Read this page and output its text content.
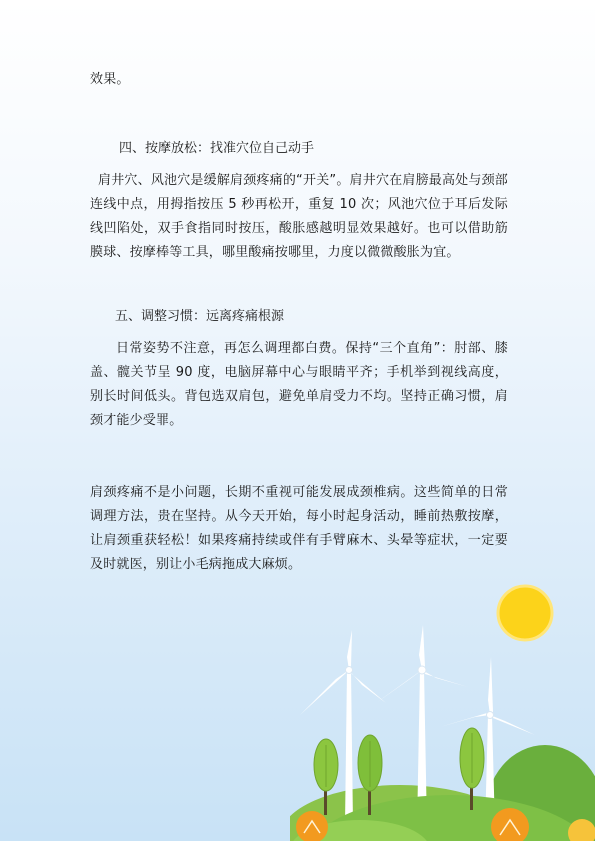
效果。

四、按摩放松：找准穴位自己动手

肩井穴、风池穴是缓解肩颈疼痛的“开关”。肩井穴在肩膀最高处与颈部连线中点，用拇指按压 5 秒再松开，重复 10 次；风池穴位于耳后发际线凹陷处，双手食指同时按压，酸胀感越明显效果越好。也可以借助筋膜球、按摩棒等工具，哪里酸痛按哪里，力度以微微酸胀为宜。

五、调整习惯：远离疼痛根源

日常姿势不注意，再怎么调理都白费。保持“三个直角”：肘部、膝盖、髋关节呈 90 度，电脑屏幕中心与眼睛平齐；手机举到视线高度，别长时间低头。背包选双肩包，避免单肩受力不均。坚持正确习惯，肩颈才能少受罪。

肩颈疼痛不是小问题，长期不重视可能发展成颈椎病。这些简单的日常调理方法，贵在坚持。从今天开始，每小时起身活动，睡前热敷按摩，让肩颈重获轻松！如果疼痛持续或伴有手臂麻木、头晕等症状，一定要及时就医，别让小毛病拖成大麻烦。
